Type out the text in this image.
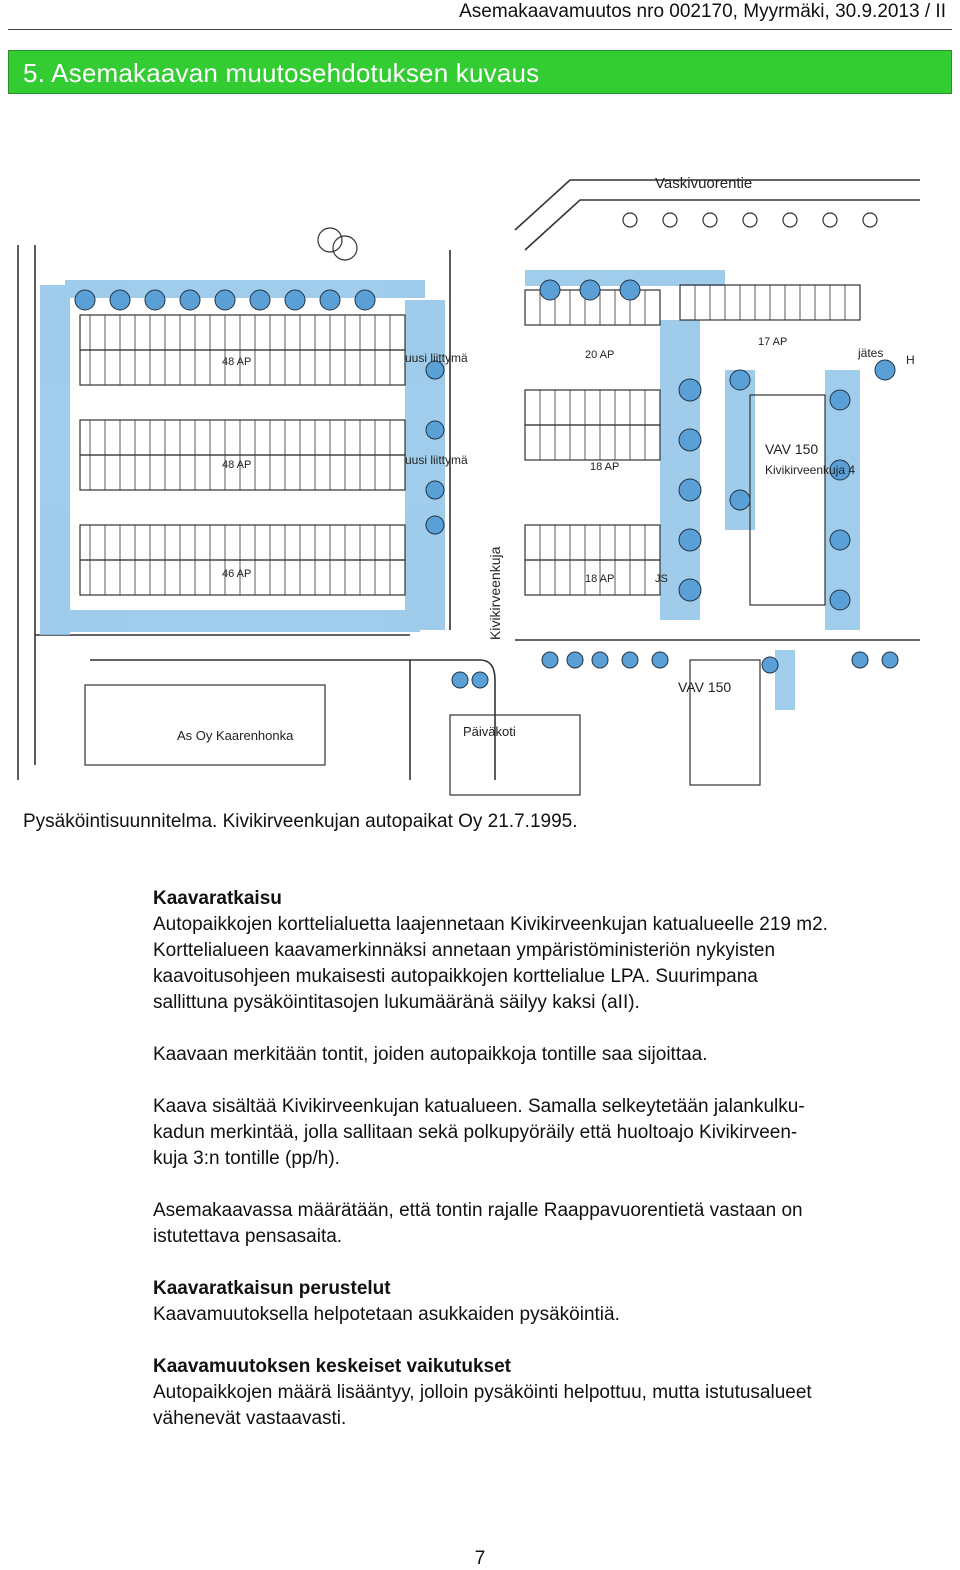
Asemakaavamuutos nro 002170, Myyrmäki, 30.9.2013 / II
5. Asemakaavan muutosehdotuksen kuvaus
Vaskivuorentie
48 AP
48 AP
46 AP
20 AP
18 AP
18 AP
17 AP
JS
uusi liittymä
uusi liittymä
Kivikirveenkuja
VAV 150
Kivikirveenkuja 4
VAV 150
jätes H
As Oy Kaarenhonka	Päiväkoti
Pysäköintisuunnitelma. Kivikirveenkujan autopaikat Oy 21.7.1995.
Kaavaratkaisu

Autopaikkojen korttelialuetta laajennetaan Kivikirveenkujan katualueelle 219 m2.

Korttelialueen kaavamerkinnäksi annetaan ympäristöministeriön nykyisten

kaavoitusohjeen mukaisesti autopaikkojen korttelialue LPA. Suurimpana

sallittuna pysäköintitasojen lukumääränä säilyy kaksi (aII).

Kaavaan merkitään tontit, joiden autopaikkoja tontille saa sijoittaa.

Kaava sisältää Kivikirveenkujan katualueen. Samalla selkeytetään jalankulku-

kadun merkintää, jolla sallitaan sekä polkupyöräily että huoltoajo Kivikirveen-

kuja 3:n tontille (pp/h).

Asemakaavassa määrätään, että tontin rajalle Raappavuorentietä vastaan on

istutettava pensasaita.

Kaavaratkaisun perustelut

Kaavamuutoksella helpotetaan asukkaiden pysäköintiä.

Kaavamuutoksen keskeiset vaikutukset

Autopaikkojen määrä lisääntyy, jolloin pysäköinti helpottuu, mutta istutusalueet

vähenevät vastaavasti.

7
